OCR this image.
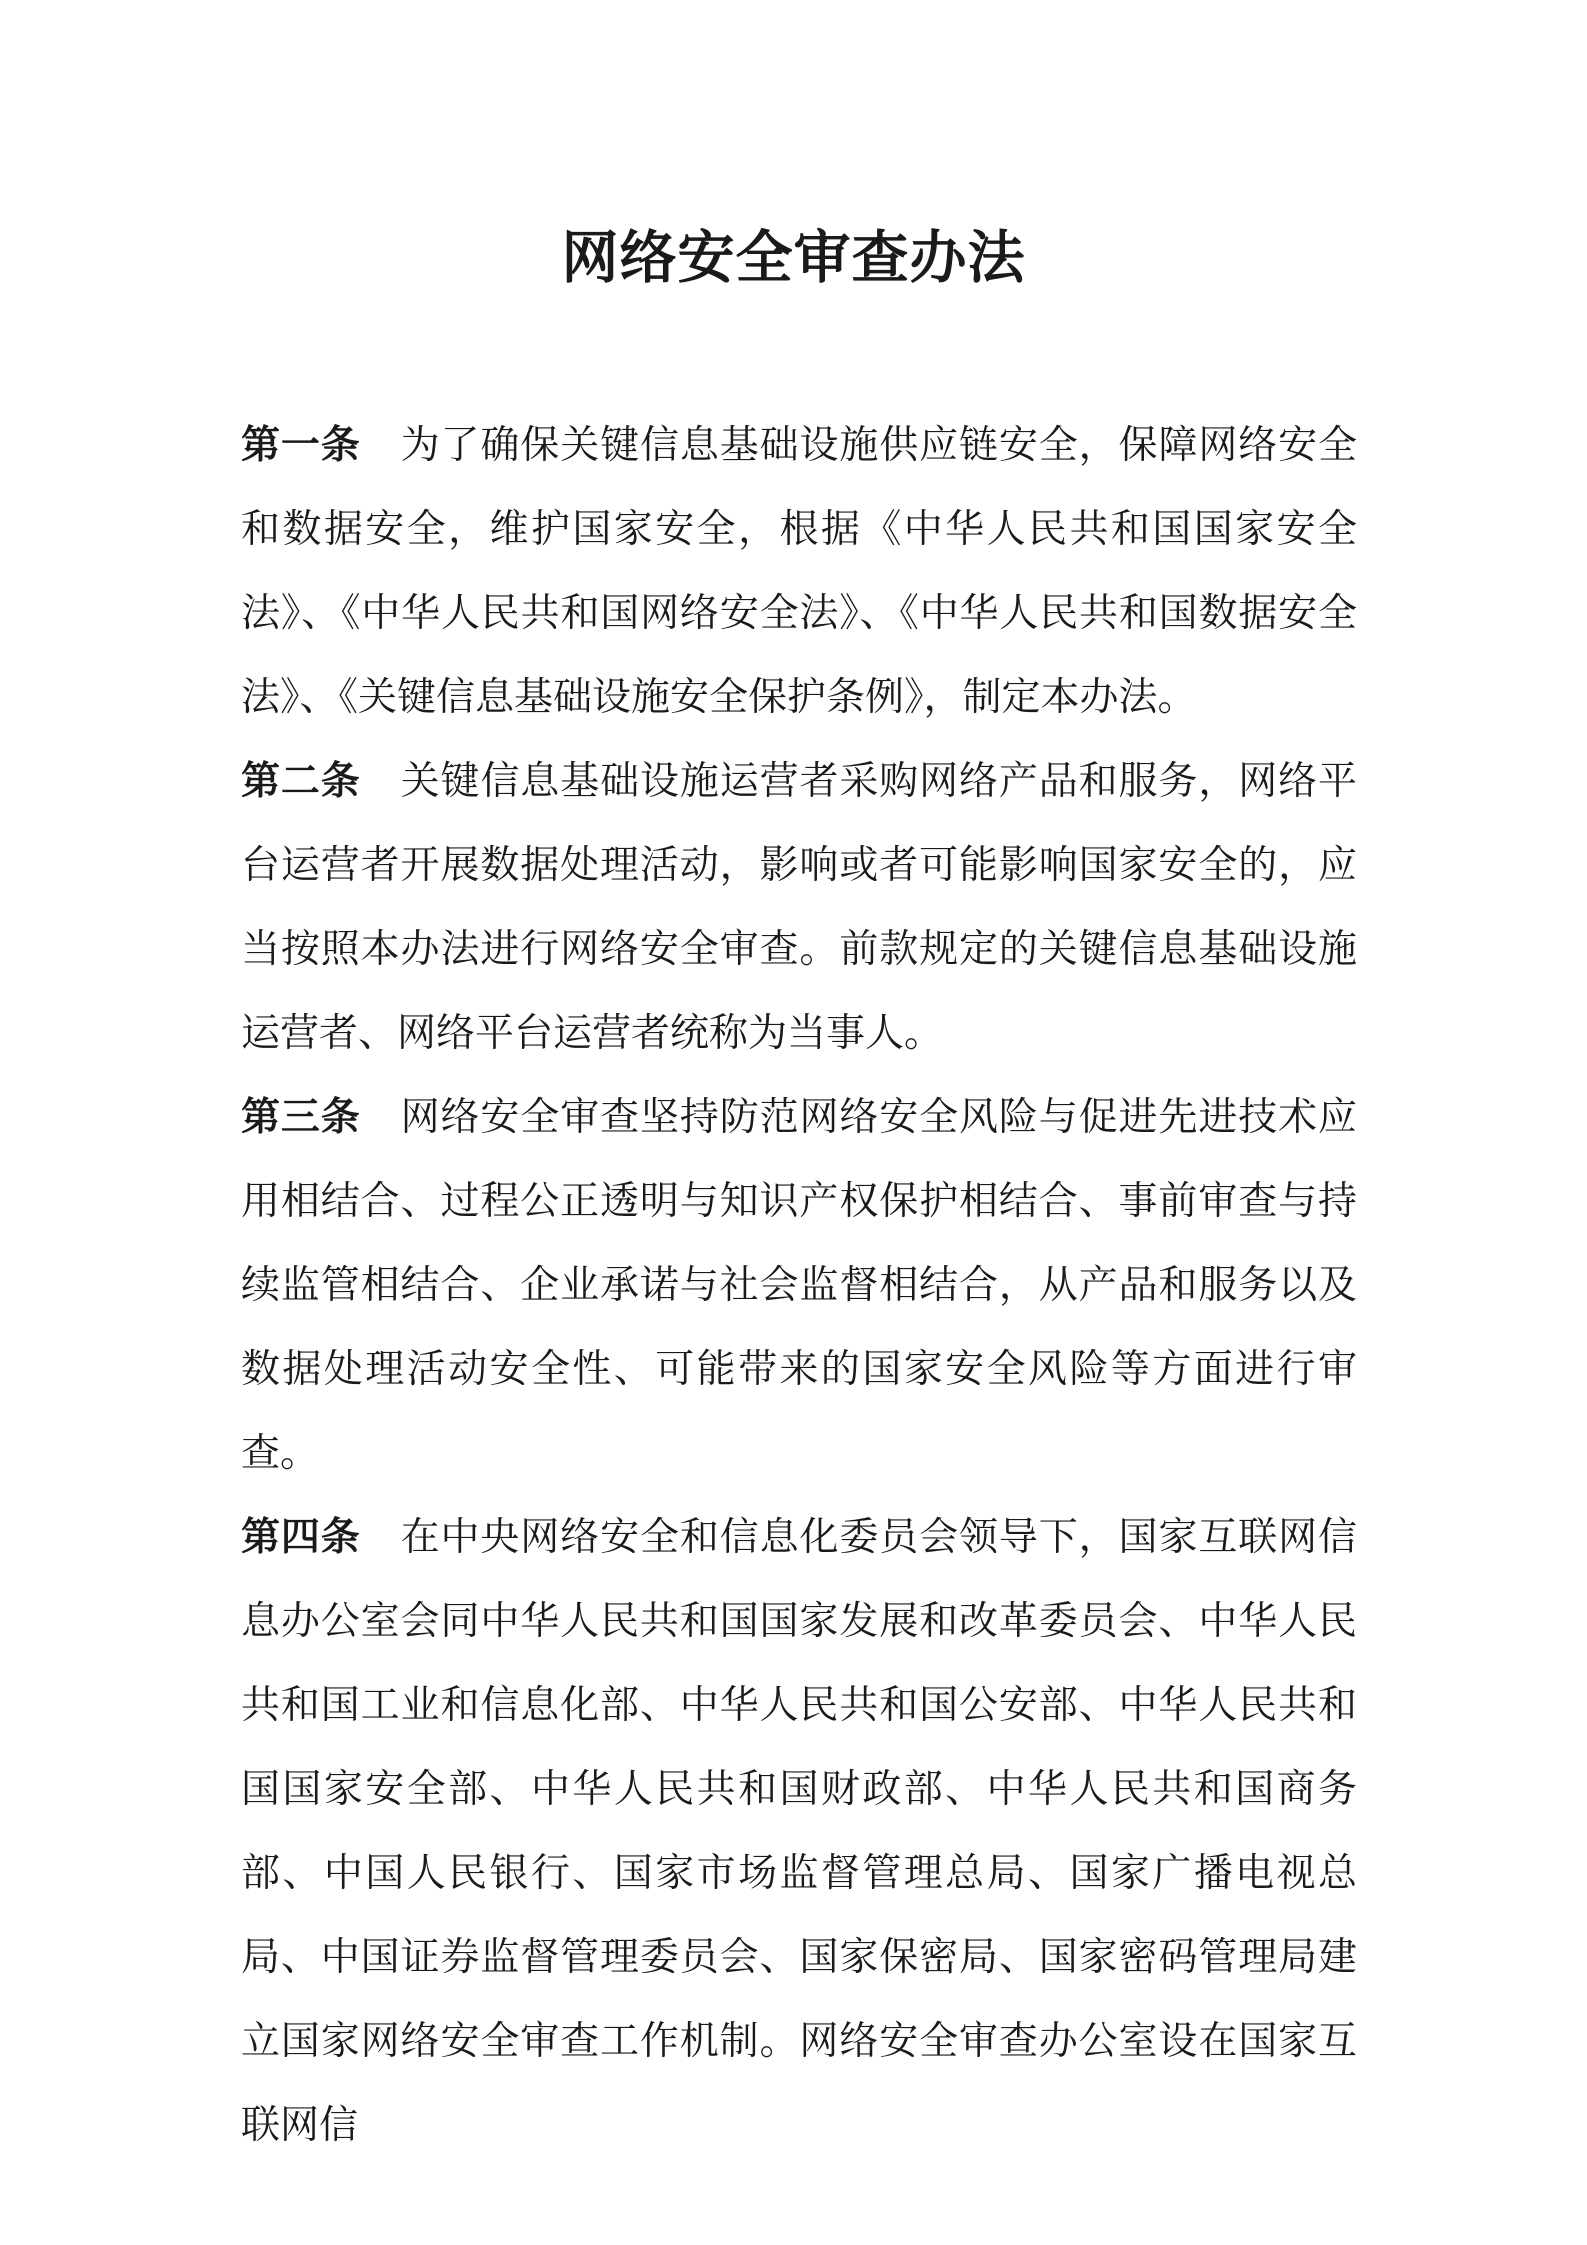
网络安全审查办法

第一条 为了确保关键信息基础设施供应链安全，保障网络安全和数据安全，维护国家安全，根据《中华人民共和国国家安全法》、《中华人民共和国网络安全法》、《中华人民共和国数据安全法》、《关键信息基础设施安全保护条例》，制定本办法。

第二条 关键信息基础设施运营者采购网络产品和服务，网络平台运营者开展数据处理活动，影响或者可能影响国家安全的，应当按照本办法进行网络安全审查。前款规定的关键信息基础设施运营者、网络平台运营者统称为当事人。

第三条 网络安全审查坚持防范网络安全风险与促进先进技术应用相结合、过程公正透明与知识产权保护相结合、事前审查与持续监管相结合、企业承诺与社会监督相结合，从产品和服务以及数据处理活动安全性、可能带来的国家安全风险等方面进行审查。

第四条 在中央网络安全和信息化委员会领导下，国家互联网信息办公室会同中华人民共和国国家发展和改革委员会、中华人民共和国工业和信息化部、中华人民共和国公安部、中华人民共和国国家安全部、中华人民共和国财政部、中华人民共和国商务部、中国人民银行、国家市场监督管理总局、国家广播电视总局、中国证券监督管理委员会、国家保密局、国家密码管理局建立国家网络安全审查工作机制。网络安全审查办公室设在国家互联网信
